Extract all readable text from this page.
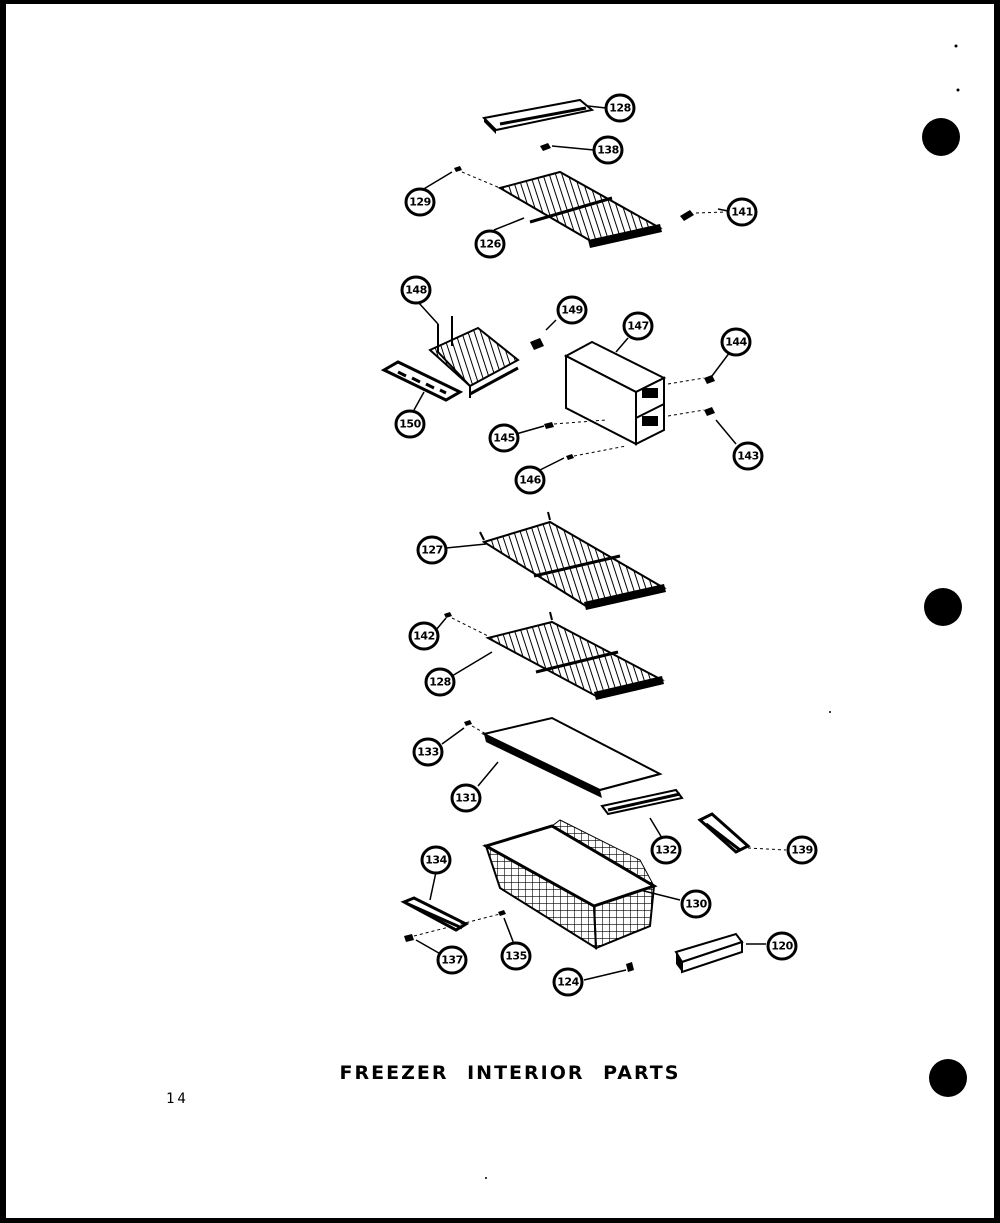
128
138
129
141
126
148
149
147
144
150
145
143
146
127
142
128
133
131
132	139
134
130
137	135
120
124
FREEZER INTERIOR PARTS
14
